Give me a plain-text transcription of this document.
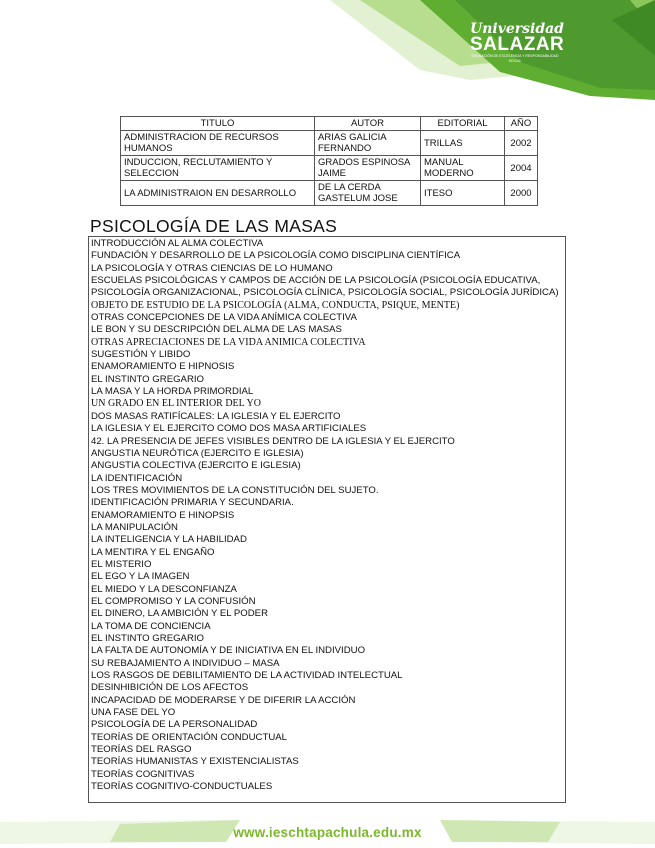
Universidad
SALAZAR
EDUCACIÓN DE EXCELENCIA Y RESPONSABILIDAD SOCIAL
TITULO	AUTOR	EDITORIAL	AÑO
ADMINISTRACION DE RECURSOS HUMANOS	ARIAS GALICIA FERNANDO	TRILLAS	2002
INDUCCION, RECLUTAMIENTO Y SELECCION	GRADOS ESPINOSA JAIME	MANUAL MODERNO	2004
LA ADMINISTRAION EN DESARROLLO	DE LA CERDA GASTELUM JOSE	ITESO	2000
PSICOLOGÍA DE LAS MASAS
INTRODUCCIÓN AL ALMA COLECTIVA
FUNDACIÓN Y DESARROLLO DE LA PSICOLOGÍA COMO DISCIPLINA CIENTÍFICA
LA PSICOLOGÍA Y OTRAS CIENCIAS DE LO HUMANO
ESCUELAS PSICOLÓGICAS Y CAMPOS DE ACCIÓN DE LA PSICOLOGÍA (PSICOLOGÍA EDUCATIVA, PSICOLOGÍA ORGANIZACIONAL, PSICOLOGÍA CLÍNICA, PSICOLOGÍA SOCIAL, PSICOLOGÍA JURÍDICA)
OBJETO DE ESTUDIO DE LA PSICOLOGÍA (ALMA, CONDUCTA, PSIQUE, MENTE)
OTRAS CONCEPCIONES DE LA VIDA ANÍMICA COLECTIVA
LE BON Y SU DESCRIPCIÓN DEL ALMA DE LAS MASAS
OTRAS APRECIACIONES DE LA VIDA ANIMICA COLECTIVA
SUGESTIÓN Y LIBIDO
ENAMORAMIENTO E HIPNOSIS
EL INSTINTO GREGARIO
LA MASA Y LA HORDA PRIMORDIAL
UN GRADO EN EL INTERIOR DEL YO
DOS MASAS RATIFÍCALES: LA IGLESIA Y EL EJERCITO
LA IGLESIA Y EL EJERCITO COMO DOS MASA ARTIFICIALES
42. LA PRESENCIA DE JEFES VISIBLES DENTRO DE LA IGLESIA Y EL EJERCITO
ANGUSTIA NEURÓTICA (EJERCITO E IGLESIA)
ANGUSTIA COLECTIVA (EJERCITO E IGLESIA)
LA IDENTIFICACIÓN
LOS TRES MOVIMIENTOS DE LA CONSTITUCIÓN DEL SUJETO.
IDENTIFICACIÓN PRIMARIA Y SECUNDARIA.
ENAMORAMIENTO E HINOPSIS
LA MANIPULACIÓN
LA INTELIGENCIA Y LA HABILIDAD
LA MENTIRA Y EL ENGAÑO
EL MISTERIO
EL EGO Y LA IMAGEN
EL MIEDO Y LA DESCONFIANZA
EL COMPROMISO Y LA CONFUSIÓN
EL DINERO, LA AMBICIÓN Y EL PODER
LA TOMA DE CONCIENCIA
EL INSTINTO GREGARIO
LA FALTA DE AUTONOMÍA Y DE INICIATIVA EN EL INDIVIDUO
SU REBAJAMIENTO A INDIVIDUO – MASA
LOS RASGOS DE DEBILITAMIENTO DE LA ACTIVIDAD INTELECTUAL
DESINHIBICIÓN DE LOS AFECTOS
INCAPACIDAD DE MODERARSE Y DE DIFERIR LA ACCIÓN
UNA FASE DEL YO
PSICOLOGÍA DE LA PERSONALIDAD
TEORÍAS DE ORIENTACIÓN CONDUCTUAL
TEORÍAS DEL RASGO
TEORÍAS HUMANISTAS Y EXISTENCIALISTAS
TEORÍAS COGNITIVAS
TEORÍAS COGNITIVO-CONDUCTUALES
www.ieschtapachula.edu.mx
